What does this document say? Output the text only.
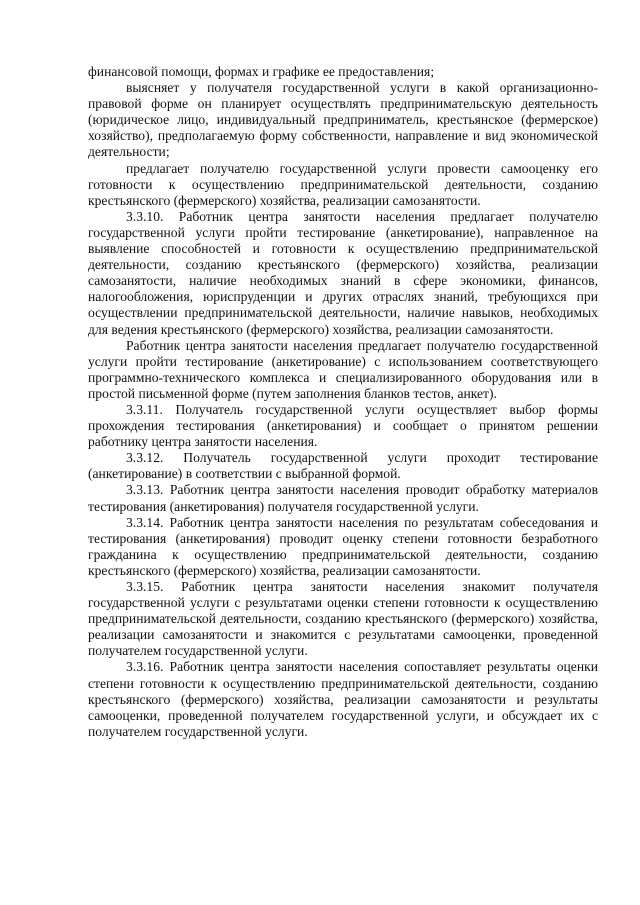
финансовой помощи, формах и графике ее предоставления;

выясняет у получателя государственной услуги в какой организационно-правовой форме он планирует осуществлять предпринимательскую деятельность (юридическое лицо, индивидуальный предприниматель, крестьянское (фермерское) хозяйство), предполагаемую форму собственности, направление и вид экономической деятельности;

предлагает получателю государственной услуги провести самооценку его готовности к осуществлению предпринимательской деятельности, созданию крестьянского (фермерского) хозяйства, реализации самозанятости.

3.3.10. Работник центра занятости населения предлагает получателю государственной услуги пройти тестирование (анкетирование), направленное на выявление способностей и готовности к осуществлению предпринимательской деятельности, созданию крестьянского (фермерского) хозяйства, реализации самозанятости, наличие необходимых знаний в сфере экономики, финансов, налогообложения, юриспруденции и других отраслях знаний, требующихся при осуществлении предпринимательской деятельности, наличие навыков, необходимых для ведения крестьянского (фермерского) хозяйства, реализации самозанятости.

Работник центра занятости населения предлагает получателю государственной услуги пройти тестирование (анкетирование) с использованием соответствующего программно-технического комплекса и специализированного оборудования или в простой письменной форме (путем заполнения бланков тестов, анкет).

3.3.11. Получатель государственной услуги осуществляет выбор формы прохождения тестирования (анкетирования) и сообщает о принятом решении работнику центра занятости населения.

3.3.12. Получатель государственной услуги проходит тестирование (анкетирование) в соответствии с выбранной формой.

3.3.13. Работник центра занятости населения проводит обработку материалов тестирования (анкетирования) получателя государственной услуги.

3.3.14. Работник центра занятости населения по результатам собеседования и тестирования (анкетирования) проводит оценку степени готовности безработного гражданина к осуществлению предпринимательской деятельности, созданию крестьянского (фермерского) хозяйства, реализации самозанятости.

3.3.15. Работник центра занятости населения знакомит получателя государственной услуги с результатами оценки степени готовности к осуществлению предпринимательской деятельности, созданию крестьянского (фермерского) хозяйства, реализации самозанятости и знакомится с результатами самооценки, проведенной получателем государственной услуги.

3.3.16. Работник центра занятости населения сопоставляет результаты оценки степени готовности к осуществлению предпринимательской деятельности, созданию крестьянского (фермерского) хозяйства, реализации самозанятости и результаты самооценки, проведенной получателем государственной услуги, и обсуждает их с получателем государственной услуги.
